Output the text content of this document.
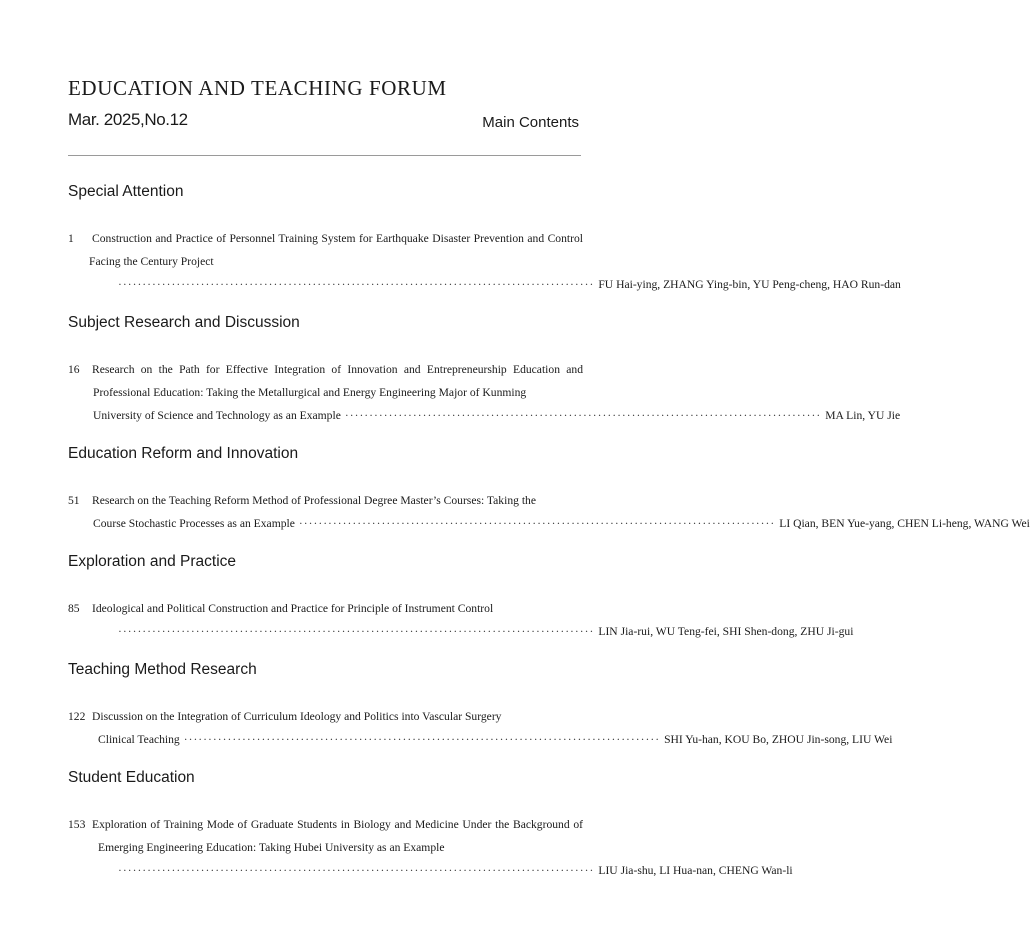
EDUCATION AND TEACHING FORUM
Mar. 2025,No.12	Main Contents
Special Attention
1 Construction and Practice of Personnel Training System for Earthquake Disaster Prevention and Control Facing the Century Project
·································································································· FU Hai-ying, ZHANG Ying-bin, YU Peng-cheng, HAO Run-dan
Subject Research and Discussion
16 Research on the Path for Effective Integration of Innovation and Entrepreneurship Education and Professional Education: Taking the Metallurgical and Energy Engineering Major of Kunming
University of Science and Technology as an Example ·································································································· MA Lin, YU Jie
Education Reform and Innovation
51 Research on the Teaching Reform Method of Professional Degree Master’s Courses: Taking the
Course Stochastic Processes as an Example ·································································································· LI Qian, BEN Yue-yang, CHEN Li-heng, WANG Wei
Exploration and Practice
85 Ideological and Political Construction and Practice for Principle of Instrument Control
·································································································· LIN Jia-rui, WU Teng-fei, SHI Shen-dong, ZHU Ji-gui
Teaching Method Research
122 Discussion on the Integration of Curriculum Ideology and Politics into Vascular Surgery
Clinical Teaching ·································································································· SHI Yu-han, KOU Bo, ZHOU Jin-song, LIU Wei
Student Education
153 Exploration of Training Mode of Graduate Students in Biology and Medicine Under the Background of Emerging Engineering Education: Taking Hubei University as an Example
·································································································· LIU Jia-shu, LI Hua-nan, CHENG Wan-li
